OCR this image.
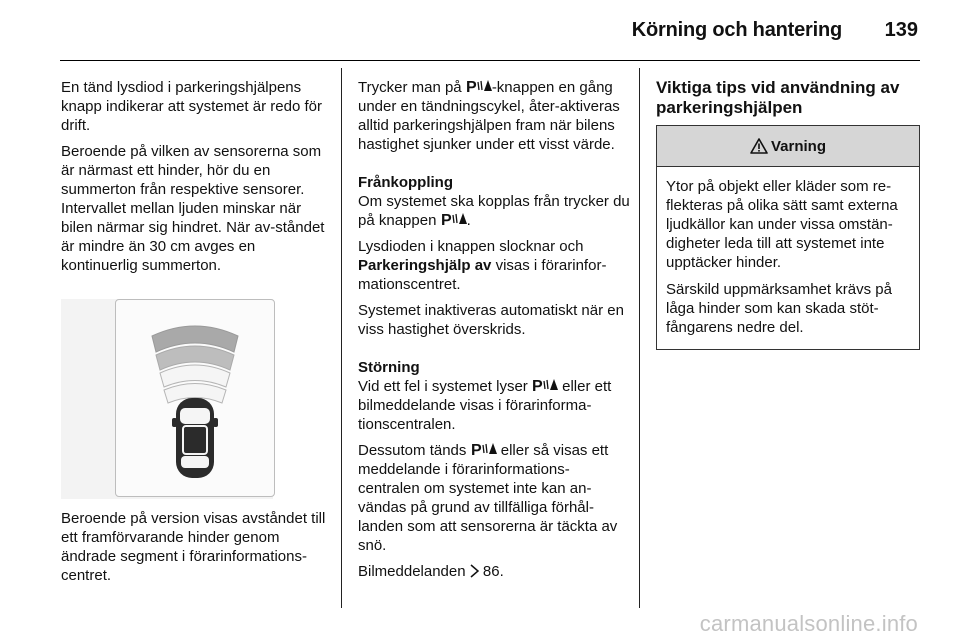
Körning och hantering 139

En tänd lysdiod i parkeringshjälpens knapp indikerar att systemet är redo för drift.

Beroende på vilken av sensorerna som är närmast ett hinder, hör du en summerton från respektive sensorer. Intervallet mellan ljuden minskar när bilen närmar sig hindret. När av-ståndet är mindre än 30 cm avges en kontinuerlig summerton.

Beroende på version visas avståndet till ett framförvarande hinder genom ändrade segment i förarinformations-centret.

Trycker man på P -knappen en gång under en tändningscykel, åter-aktiveras alltid parkeringshjälpen fram när bilens hastighet sjunker under ett visst värde.

Frånkoppling

Om systemet ska kopplas från trycker du på knappen P .

Lysdioden i knappen slocknar och Parkeringshjälp av visas i förarinfor-mationscentret.

Systemet inaktiveras automatiskt när en viss hastighet överskrids.

Störning

Vid ett fel i systemet lyser P eller ett bilmeddelande visas i förarinforma-tionscentralen.

Dessutom tänds P eller så visas ett meddelande i förarinformations-centralen om systemet inte kan an-vändas på grund av tillfälliga förhål-landen som att sensorerna är täckta av snö.

Bilmeddelanden  86.

Viktiga tips vid användning av parkeringshjälpen

Varning

Ytor på objekt eller kläder som re-flekteras på olika sätt samt externa ljudkällor kan under vissa omstän-digheter leda till att systemet inte upptäcker hinder.

Särskild uppmärksamhet krävs på låga hinder som kan skada stöt-fångarens nedre del.

carmanualsonline.info
